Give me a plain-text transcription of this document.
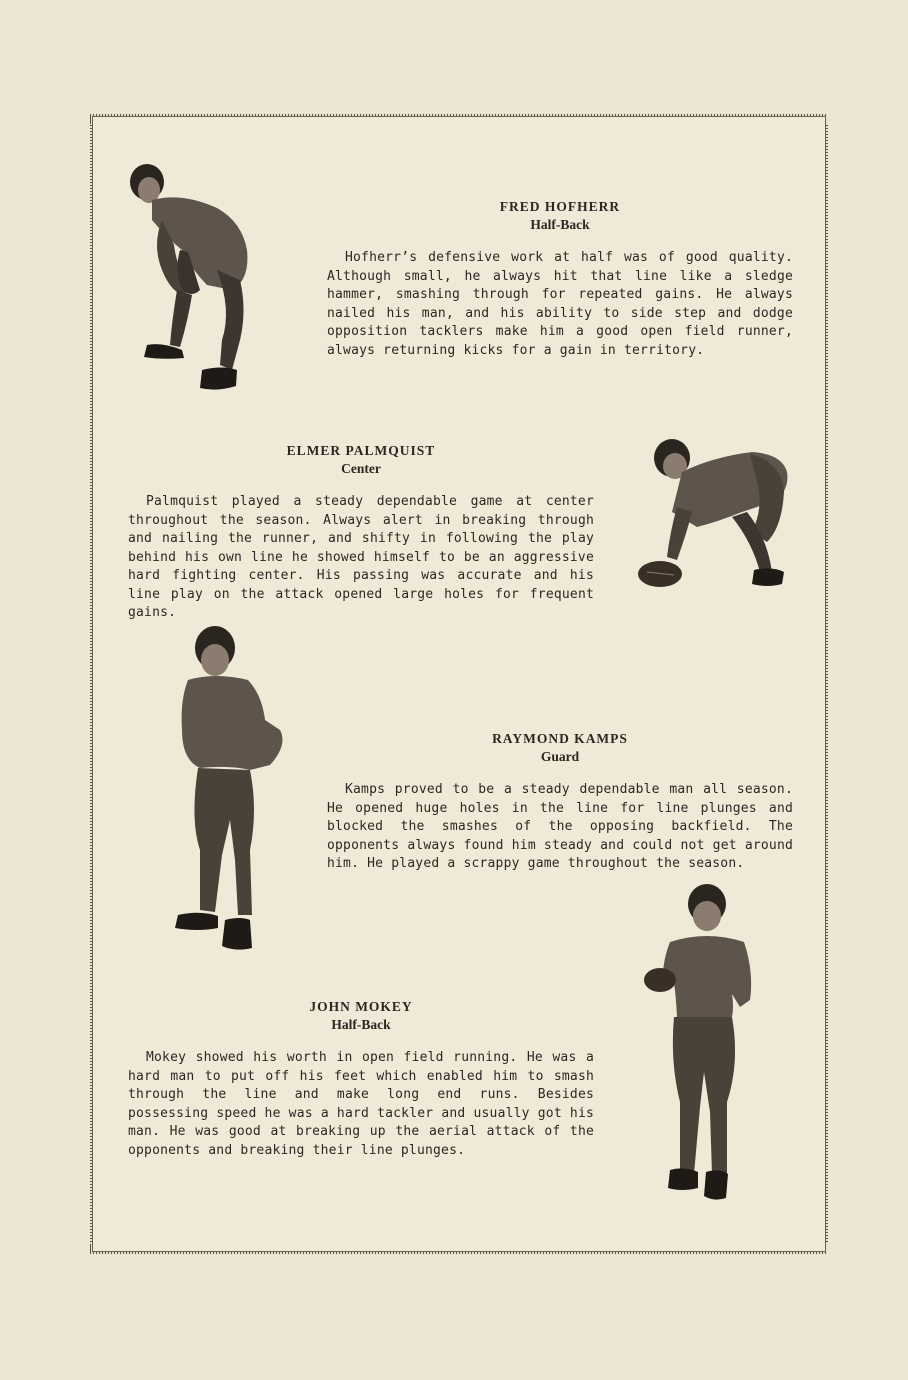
FRED HOFHERR

Half-Back

Hofherr’s defensive work at half was of good quality. Although small, he always hit that line like a sledge hammer, smashing through for repeated gains. He always nailed his man, and his ability to side step and dodge opposition tacklers make him a good open field runner, always returning kicks for a gain in territory.

ELMER PALMQUIST

Center

Palmquist played a steady dependable game at center throughout the season. Always alert in breaking through and nailing the runner, and shifty in following the play behind his own line he showed himself to be an aggressive hard fighting center. His passing was accurate and his line play on the attack opened large holes for frequent gains.

RAYMOND KAMPS

Guard

Kamps proved to be a steady dependable man all season. He opened huge holes in the line for line plunges and blocked the smashes of the opposing backfield. The opponents always found him steady and could not get around him. He played a scrappy game throughout the season.

JOHN MOKEY

Half-Back

Mokey showed his worth in open field running. He was a hard man to put off his feet which enabled him to smash through the line and make long end runs. Besides possessing speed he was a hard tackler and usually got his man. He was good at breaking up the aerial attack of the opponents and breaking their line plunges.
